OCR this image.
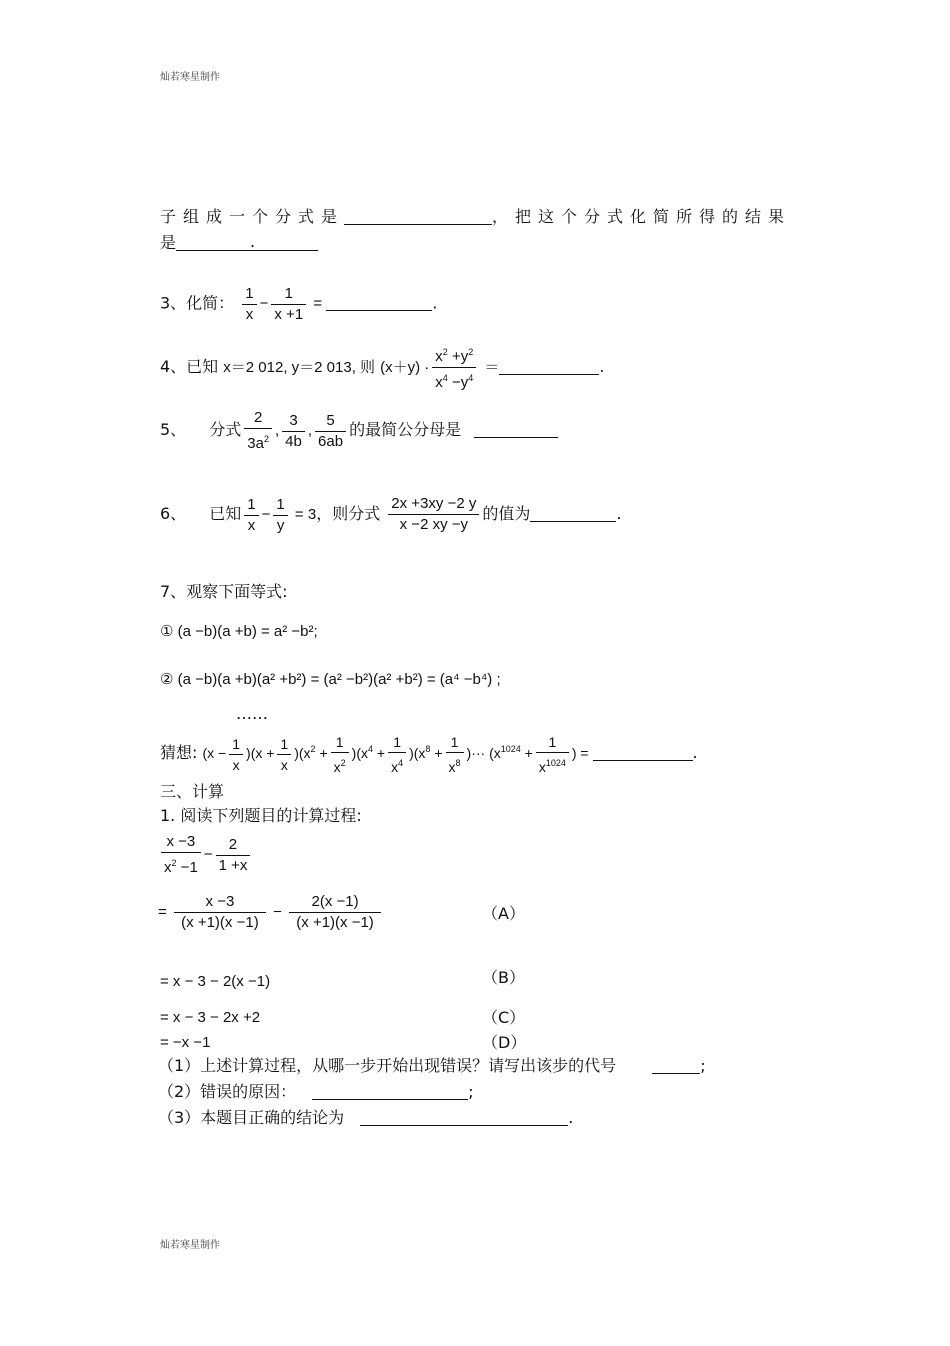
灿若寒星制作
子组成一个分式是	，把这个分式化简所得的结果
是	.
3、化简： $\frac{1}{x} - \frac{1}{x +1}$ =	.
4、已知 x＝2 012, y＝2 013, 则 $(x+y) \cdot \frac{x^2 +y^2}{x^4 -y^4}$ ＝	.
5、 分式 $\frac{2}{3a^2}$ , $\frac{3}{4b}$ , $\frac{5}{6ab}$ 的最简公分母是
6、 已知 $\frac{1}{x} - \frac{1}{y} = 3$，则分式 $\frac{2x +3xy -2 y}{x -2 xy -y}$ 的值为	.
7、观察下面等式:
① (a −b)(a +b) = a² −b²;
② (a −b)(a +b)(a² +b²) = (a² −b²)(a² +b²) = (a⁴ −b⁴) ;
……
猜想: $(x - \frac{1}{x} )(x + \frac{1}{x} )(x^2 + \frac{1}{x^2} )(x^4 + \frac{1}{x^4} )(x^8 + \frac{1}{x^8}$ )··· ($x^{1024} + \frac{1}{x^{1024}}$ ) =	.
三、计算
1. 阅读下列题目的计算过程:
$\frac{x -3}{x^2 -1} - \frac{2}{1 +x}$
= $\frac{x -3}{(x +1)(x -1)} - \frac{2(x -1)}{(x +1)(x -1)}$	（A）
= x − 3 − 2(x −1)	（B）
= x − 3 − 2x +2	（C）
= −x −1	（D）
（1）上述计算过程，从哪一步开始出现错误？请写出该步的代号	;
（2）错误的原因：	;
（3）本题目正确的结论为	.
灿若寒星制作
